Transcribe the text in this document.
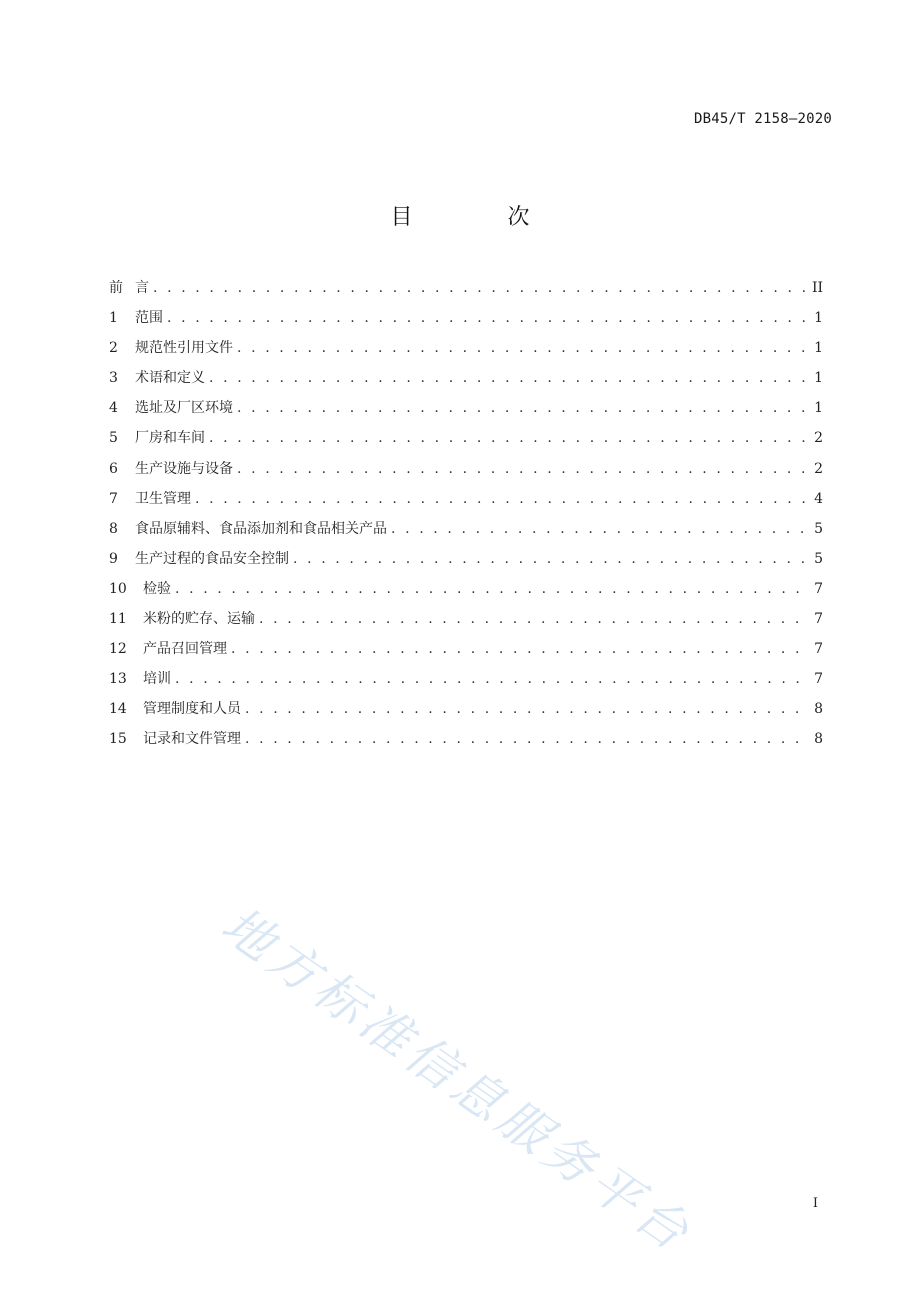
DB45/T 2158—2020
目 次
前 言 . . .	II
1	范围 . . .	1
2	规范性引用文件 . . .	1
3	术语和定义 . . .	1
4	选址及厂区环境 . . .	1
5	厂房和车间 . . .	2
6	生产设施与设备 . . .	2
7	卫生管理 . . .	4
8	食品原辅料、食品添加剂和食品相关产品 . . .	5
9	生产过程的食品安全控制 . . .	5
10	检验 . . .	7
11	米粉的贮存、运输 . . .	7
12	产品召回管理 . . .	7
13	培训 . . .	7
14	管理制度和人员 . . .	8
15	记录和文件管理 . . .	8
地方标准信息服务平台	I
